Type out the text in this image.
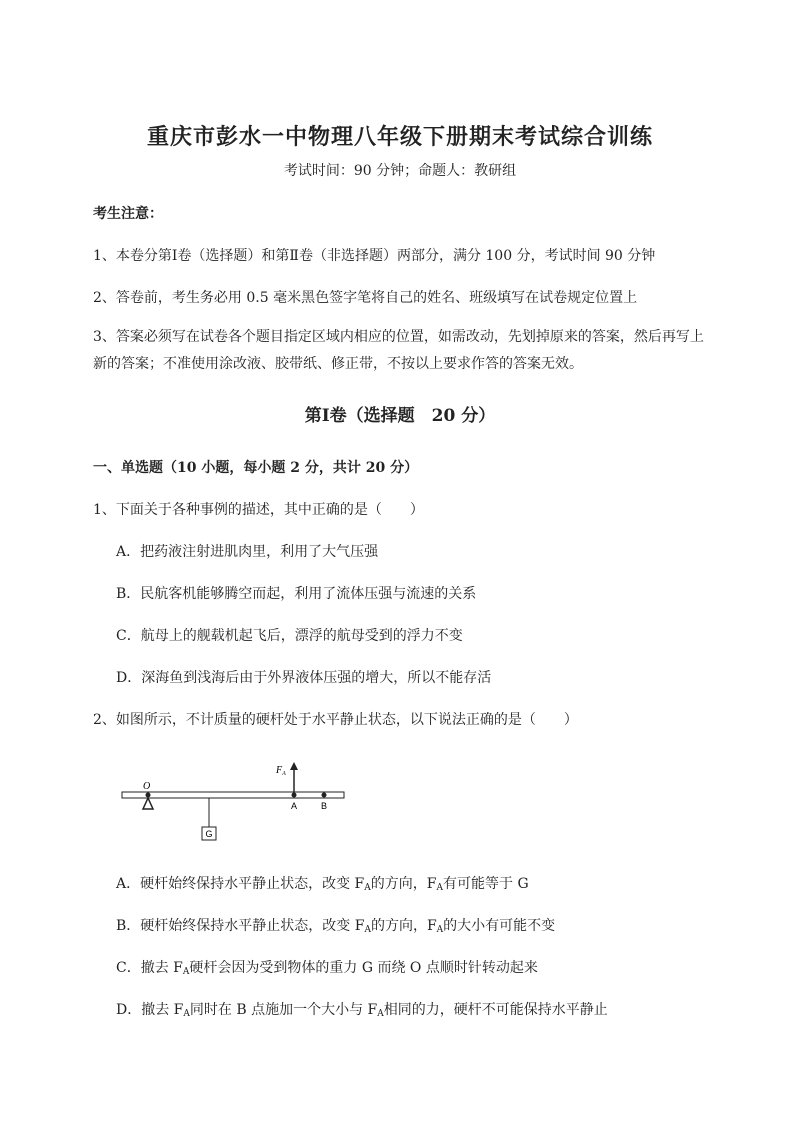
重庆市彭水一中物理八年级下册期末考试综合训练
考试时间：90 分钟；命题人：教研组
考生注意：
1、本卷分第Ⅰ卷（选择题）和第Ⅱ卷（非选择题）两部分，满分 100 分，考试时间 90 分钟
2、答卷前，考生务必用 0.5 毫米黑色签字笔将自己的姓名、班级填写在试卷规定位置上
3、答案必须写在试卷各个题目指定区域内相应的位置，如需改动，先划掉原来的答案，然后再写上新的答案；不准使用涂改液、胶带纸、修正带，不按以上要求作答的答案无效。
第Ⅰ卷（选择题　20 分）
一、单选题（10 小题，每小题 2 分，共计 20 分）
1、下面关于各种事例的描述，其中正确的是（　　）
A．把药液注射进肌肉里，利用了大气压强
B．民航客机能够腾空而起，利用了流体压强与流速的关系
C．航母上的舰载机起飞后，漂浮的航母受到的浮力不变
D．深海鱼到浅海后由于外界液体压强的增大，所以不能存活
2、如图所示，不计质量的硬杆处于水平静止状态，以下说法正确的是（　　）
O
G
$F_A$
A	B
A．硬杆始终保持水平静止状态，改变 $F_A$的方向，$F_A$有可能等于 G
B．硬杆始终保持水平静止状态，改变 $F_A$的方向，$F_A$的大小有可能不变
C．撤去 $F_A$硬杆会因为受到物体的重力 G 而绕 O 点顺时针转动起来
D．撤去 $F_A$同时在 B 点施加一个大小与 $F_A$相同的力，硬杆不可能保持水平静止
